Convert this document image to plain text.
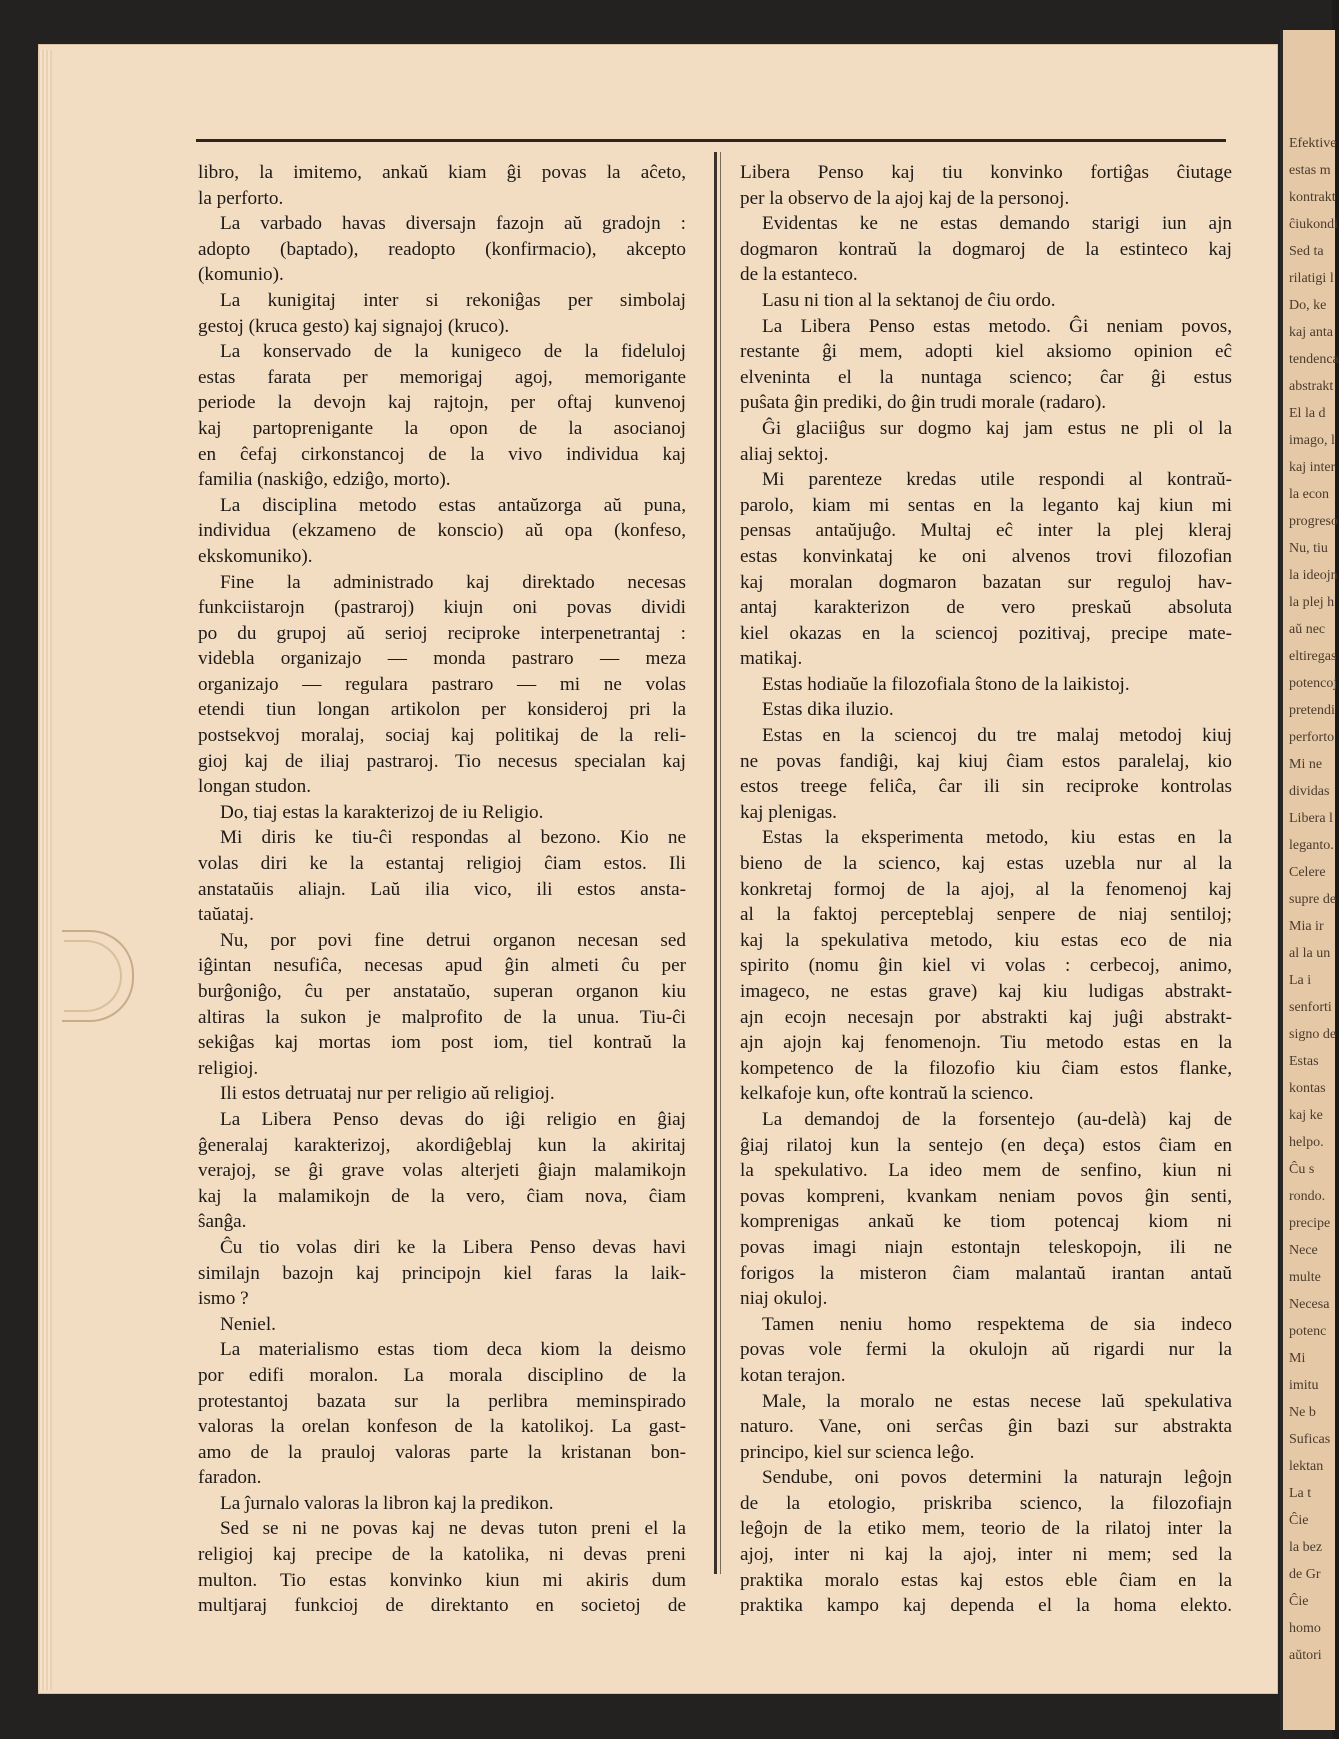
Efektive
estas m
kontrakt
ĉiukondi
Sed ta
rilatigi l
Do, ke
kaj anta
tendenca
abstrakt
El la d
imago, l
kaj inter
la econ
progreso
Nu, tiu
la ideojn
la plej h
aŭ nec
eltiregas
potencoj
pretendi
perforto
Mi ne
dividas
Libera l
leganto.
Celere
supre de
Mia ir
al la un
La i
senforti
signo de
Estas
kontas
kaj ke
helpo.
Ĉu s
rondo.
precipe
Nece
multe
Necesa
potenc
Mi
imitu
Ne b
Suficas
lektan
La t
Ĉie
la bez
de Gr
Ĉie
homo
aŭtori
libro, la imitemo, ankaŭ kiam ĝi povas la aĉeto,
la perforto.
La varbado havas diversajn fazojn aŭ gradojn :
adopto (baptado), readopto (konfirmacio), akcepto
(komunio).
La kunigitaj inter si rekoniĝas per simbolaj
gestoj (kruca gesto) kaj signajoj (kruco).
La konservado de la kunigeco de la fideluloj
estas farata per memorigaj agoj, memorigante
periode la devojn kaj rajtojn, per oftaj kunvenoj
kaj partoprenigante la opon de la asocianoj
en ĉefaj cirkonstancoj de la vivo individua kaj
familia (naskiĝo, edziĝo, morto).
La disciplina metodo estas antaŭzorga aŭ puna,
individua (ekzameno de konscio) aŭ opa (konfeso,
ekskomuniko).
Fine la administrado kaj direktado necesas
funkciistarojn (pastraroj) kiujn oni povas dividi
po du grupoj aŭ serioj reciproke interpenetrantaj :
videbla organizajo — monda pastraro — meza
organizajo — regulara pastraro — mi ne volas
etendi tiun longan artikolon per konsideroj pri la
postsekvoj moralaj, sociaj kaj politikaj de la reli-
gioj kaj de iliaj pastraroj. Tio necesus specialan kaj
longan studon.
Do, tiaj estas la karakterizoj de iu Religio.
Mi diris ke tiu-ĉi respondas al bezono. Kio ne
volas diri ke la estantaj religioj ĉiam estos. Ili
anstataŭis aliajn. Laŭ ilia vico, ili estos ansta-
taŭataj.
Nu, por povi fine detrui organon necesan sed
iĝintan nesufiĉa, necesas apud ĝin almeti ĉu per
burĝoniĝo, ĉu per anstataŭo, superan organon kiu
altiras la sukon je malprofito de la unua. Tiu-ĉi
sekiĝas kaj mortas iom post iom, tiel kontraŭ la
religioj.
Ili estos detruataj nur per religio aŭ religioj.
La Libera Penso devas do iĝi religio en ĝiaj
ĝeneralaj karakterizoj, akordiĝeblaj kun la akiritaj
verajoj, se ĝi grave volas alterjeti ĝiajn malamikojn
kaj la malamikojn de la vero, ĉiam nova, ĉiam
ŝanĝa.
Ĉu tio volas diri ke la Libera Penso devas havi
similajn bazojn kaj principojn kiel faras la laik-
ismo ?
Neniel.
La materialismo estas tiom deca kiom la deismo
por edifi moralon. La morala disciplino de la
protestantoj bazata sur la perlibra meminspirado
valoras la orelan konfeson de la katolikoj. La gast-
amo de la prauloj valoras parte la kristanan bon-
faradon.
La ĵurnalo valoras la libron kaj la predikon.
Sed se ni ne povas kaj ne devas tuton preni el la
religioj kaj precipe de la katolika, ni devas preni
multon. Tio estas konvinko kiun mi akiris dum
multjaraj funkcioj de direktanto en societoj de
Libera Penso kaj tiu konvinko fortiĝas ĉiutage
per la observo de la ajoj kaj de la personoj.
Evidentas ke ne estas demando starigi iun ajn
dogmaron kontraŭ la dogmaroj de la estinteco kaj
de la estanteco.
Lasu ni tion al la sektanoj de ĉiu ordo.
La Libera Penso estas metodo. Ĝi neniam povos,
restante ĝi mem, adopti kiel aksiomo opinion eĉ
elveninta el la nuntaga scienco; ĉar ĝi estus
puŝata ĝin prediki, do ĝin trudi morale (radaro).
Ĝi glaciiĝus sur dogmo kaj jam estus ne pli ol la
aliaj sektoj.
Mi parenteze kredas utile respondi al kontraŭ-
parolo, kiam mi sentas en la leganto kaj kiun mi
pensas antaŭjuĝo. Multaj eĉ inter la plej kleraj
estas konvinkataj ke oni alvenos trovi filozofian
kaj moralan dogmaron bazatan sur reguloj hav-
antaj karakterizon de vero preskaŭ absoluta
kiel okazas en la sciencoj pozitivaj, precipe mate-
matikaj.
Estas hodiaŭe la filozofiala ŝtono de la laikistoj.
Estas dika iluzio.
Estas en la sciencoj du tre malaj metodoj kiuj
ne povas fandiĝi, kaj kiuj ĉiam estos paralelaj, kio
estos treege feliĉa, ĉar ili sin reciproke kontrolas
kaj plenigas.
Estas la eksperimenta metodo, kiu estas en la
bieno de la scienco, kaj estas uzebla nur al la
konkretaj formoj de la ajoj, al la fenomenoj kaj
al la faktoj percepteblaj senpere de niaj sentiloj;
kaj la spekulativa metodo, kiu estas eco de nia
spirito (nomu ĝin kiel vi volas : cerbecoj, animo,
imageco, ne estas grave) kaj kiu ludigas abstrakt-
ajn ecojn necesajn por abstrakti kaj juĝi abstrakt-
ajn ajojn kaj fenomenojn. Tiu metodo estas en la
kompetenco de la filozofio kiu ĉiam estos flanke,
kelkafoje kun, ofte kontraŭ la scienco.
La demandoj de la forsentejo (au-delà) kaj de
ĝiaj rilatoj kun la sentejo (en deça) estos ĉiam en
la spekulativo. La ideo mem de senfino, kiun ni
povas kompreni, kvankam neniam povos ĝin senti,
komprenigas ankaŭ ke tiom potencaj kiom ni
povas imagi niajn estontajn teleskopojn, ili ne
forigos la misteron ĉiam malantaŭ irantan antaŭ
niaj okuloj.
Tamen neniu homo respektema de sia indeco
povas vole fermi la okulojn aŭ rigardi nur la
kotan terajon.
Male, la moralo ne estas necese laŭ spekulativa
naturo. Vane, oni serĉas ĝin bazi sur abstrakta
principo, kiel sur scienca leĝo.
Sendube, oni povos determini la naturajn leĝojn
de la etologio, priskriba scienco, la filozofiajn
leĝojn de la etiko mem, teorio de la rilatoj inter la
ajoj, inter ni kaj la ajoj, inter ni mem; sed la
praktika moralo estas kaj estos eble ĉiam en la
praktika kampo kaj dependa el la homa elekto.
